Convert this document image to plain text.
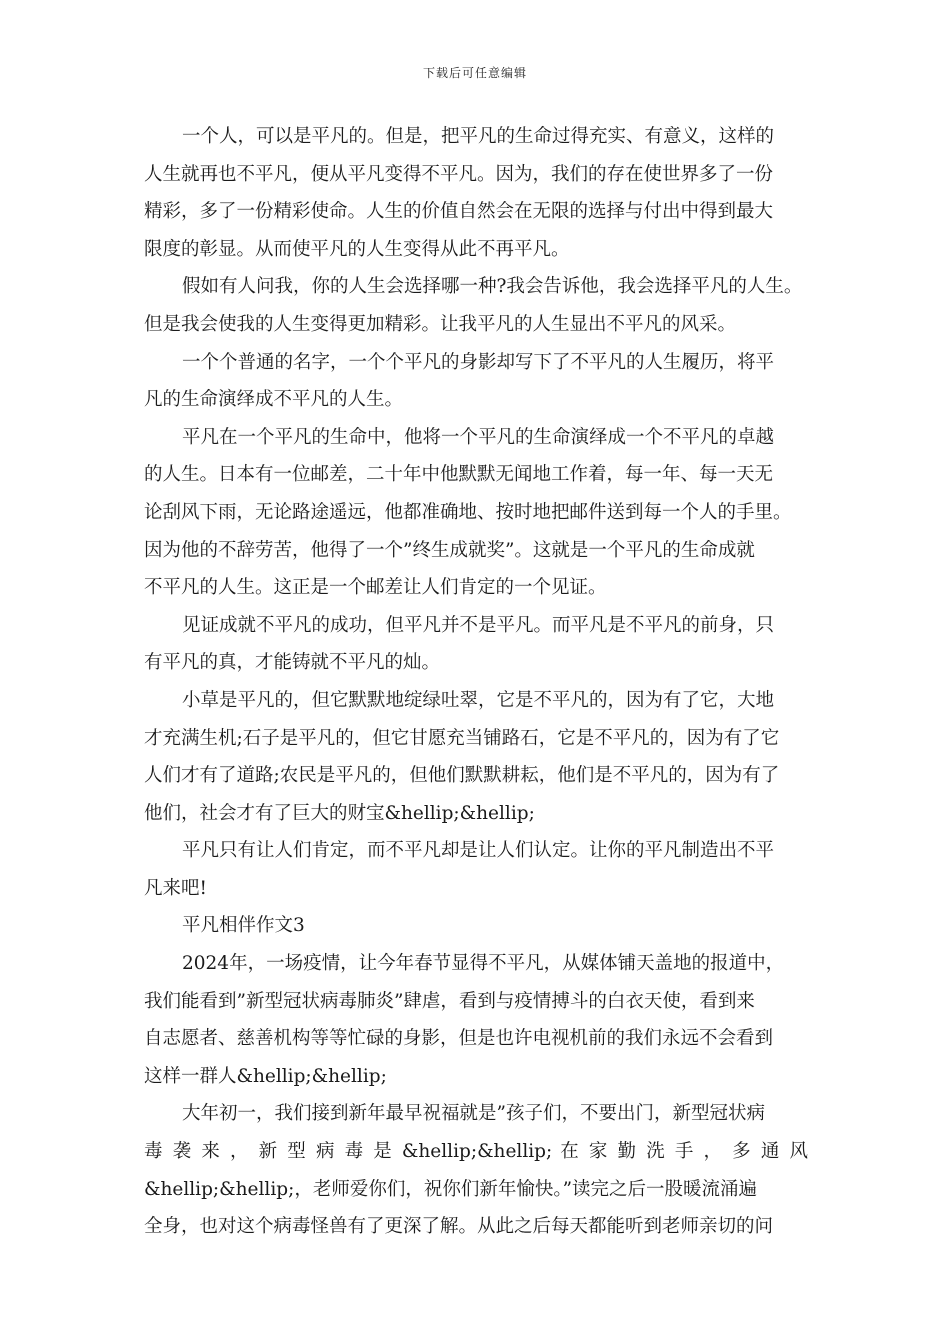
下载后可任意编辑
一个人，可以是平凡的。但是，把平凡的生命过得充实、有意义，这样的
人生就再也不平凡，便从平凡变得不平凡。因为，我们的存在使世界多了一份
精彩，多了一份精彩使命。人生的价值自然会在无限的选择与付出中得到最大
限度的彰显。从而使平凡的人生变得从此不再平凡。
假如有人问我，你的人生会选择哪一种?我会告诉他，我会选择平凡的人生。
但是我会使我的人生变得更加精彩。让我平凡的人生显出不平凡的风采。
一个个普通的名字，一个个平凡的身影却写下了不平凡的人生履历，将平
凡的生命演绎成不平凡的人生。
平凡在一个平凡的生命中，他将一个平凡的生命演绎成一个不平凡的卓越
的人生。日本有一位邮差，二十年中他默默无闻地工作着，每一年、每一天无
论刮风下雨，无论路途遥远，他都准确地、按时地把邮件送到每一个人的手里。
因为他的不辞劳苦，他得了一个”终生成就奖”。这就是一个平凡的生命成就
不平凡的人生。这正是一个邮差让人们肯定的一个见证。
见证成就不平凡的成功，但平凡并不是平凡。而平凡是不平凡的前身，只
有平凡的真，才能铸就不平凡的灿。
小草是平凡的，但它默默地绽绿吐翠，它是不平凡的，因为有了它，大地
才充满生机;石子是平凡的，但它甘愿充当铺路石，它是不平凡的，因为有了它
人们才有了道路;农民是平凡的，但他们默默耕耘，他们是不平凡的，因为有了
他们，社会才有了巨大的财宝&hellip;&hellip;
平凡只有让人们肯定，而不平凡却是让人们认定。让你的平凡制造出不平
凡来吧!
平凡相伴作文3
2024年，一场疫情，让今年春节显得不平凡，从媒体铺天盖地的报道中，
我们能看到”新型冠状病毒肺炎”肆虐，看到与疫情搏斗的白衣天使，看到来
自志愿者、慈善机构等等忙碌的身影，但是也许电视机前的我们永远不会看到
这样一群人&hellip;&hellip;
大年初一，我们接到新年最早祝福就是”孩子们，不要出门，新型冠状病
毒 袭 来 ， 新 型 病 毒 是 &hellip;&hellip; 在 家 勤 洗 手 ， 多 通 风
&hellip;&hellip;，老师爱你们，祝你们新年愉快。”读完之后一股暖流涌遍
全身，也对这个病毒怪兽有了更深了解。从此之后每天都能听到老师亲切的问
